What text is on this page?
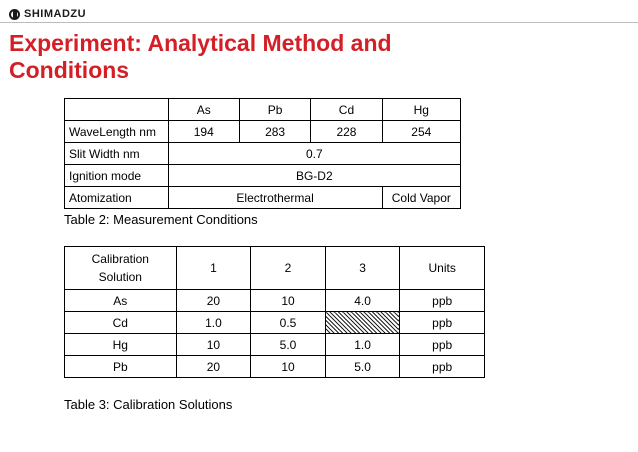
SHIMADZU
Experiment: Analytical Method and
Conditions
	As	Pb	Cd	Hg
WaveLength nm	194	283	228	254
Slit Width nm	0.7			
Ignition mode	BG-D2			
Atomization	Electrothermal			Cold Vapor
Table 2: Measurement Conditions
Calibration
Solution	1	2	3	Units
As	20	10	4.0	ppb
Cd	1.0	0.5		ppb
Hg	10	5.0	1.0	ppb
Pb	20	10	5.0	ppb
Table 3: Calibration Solutions
